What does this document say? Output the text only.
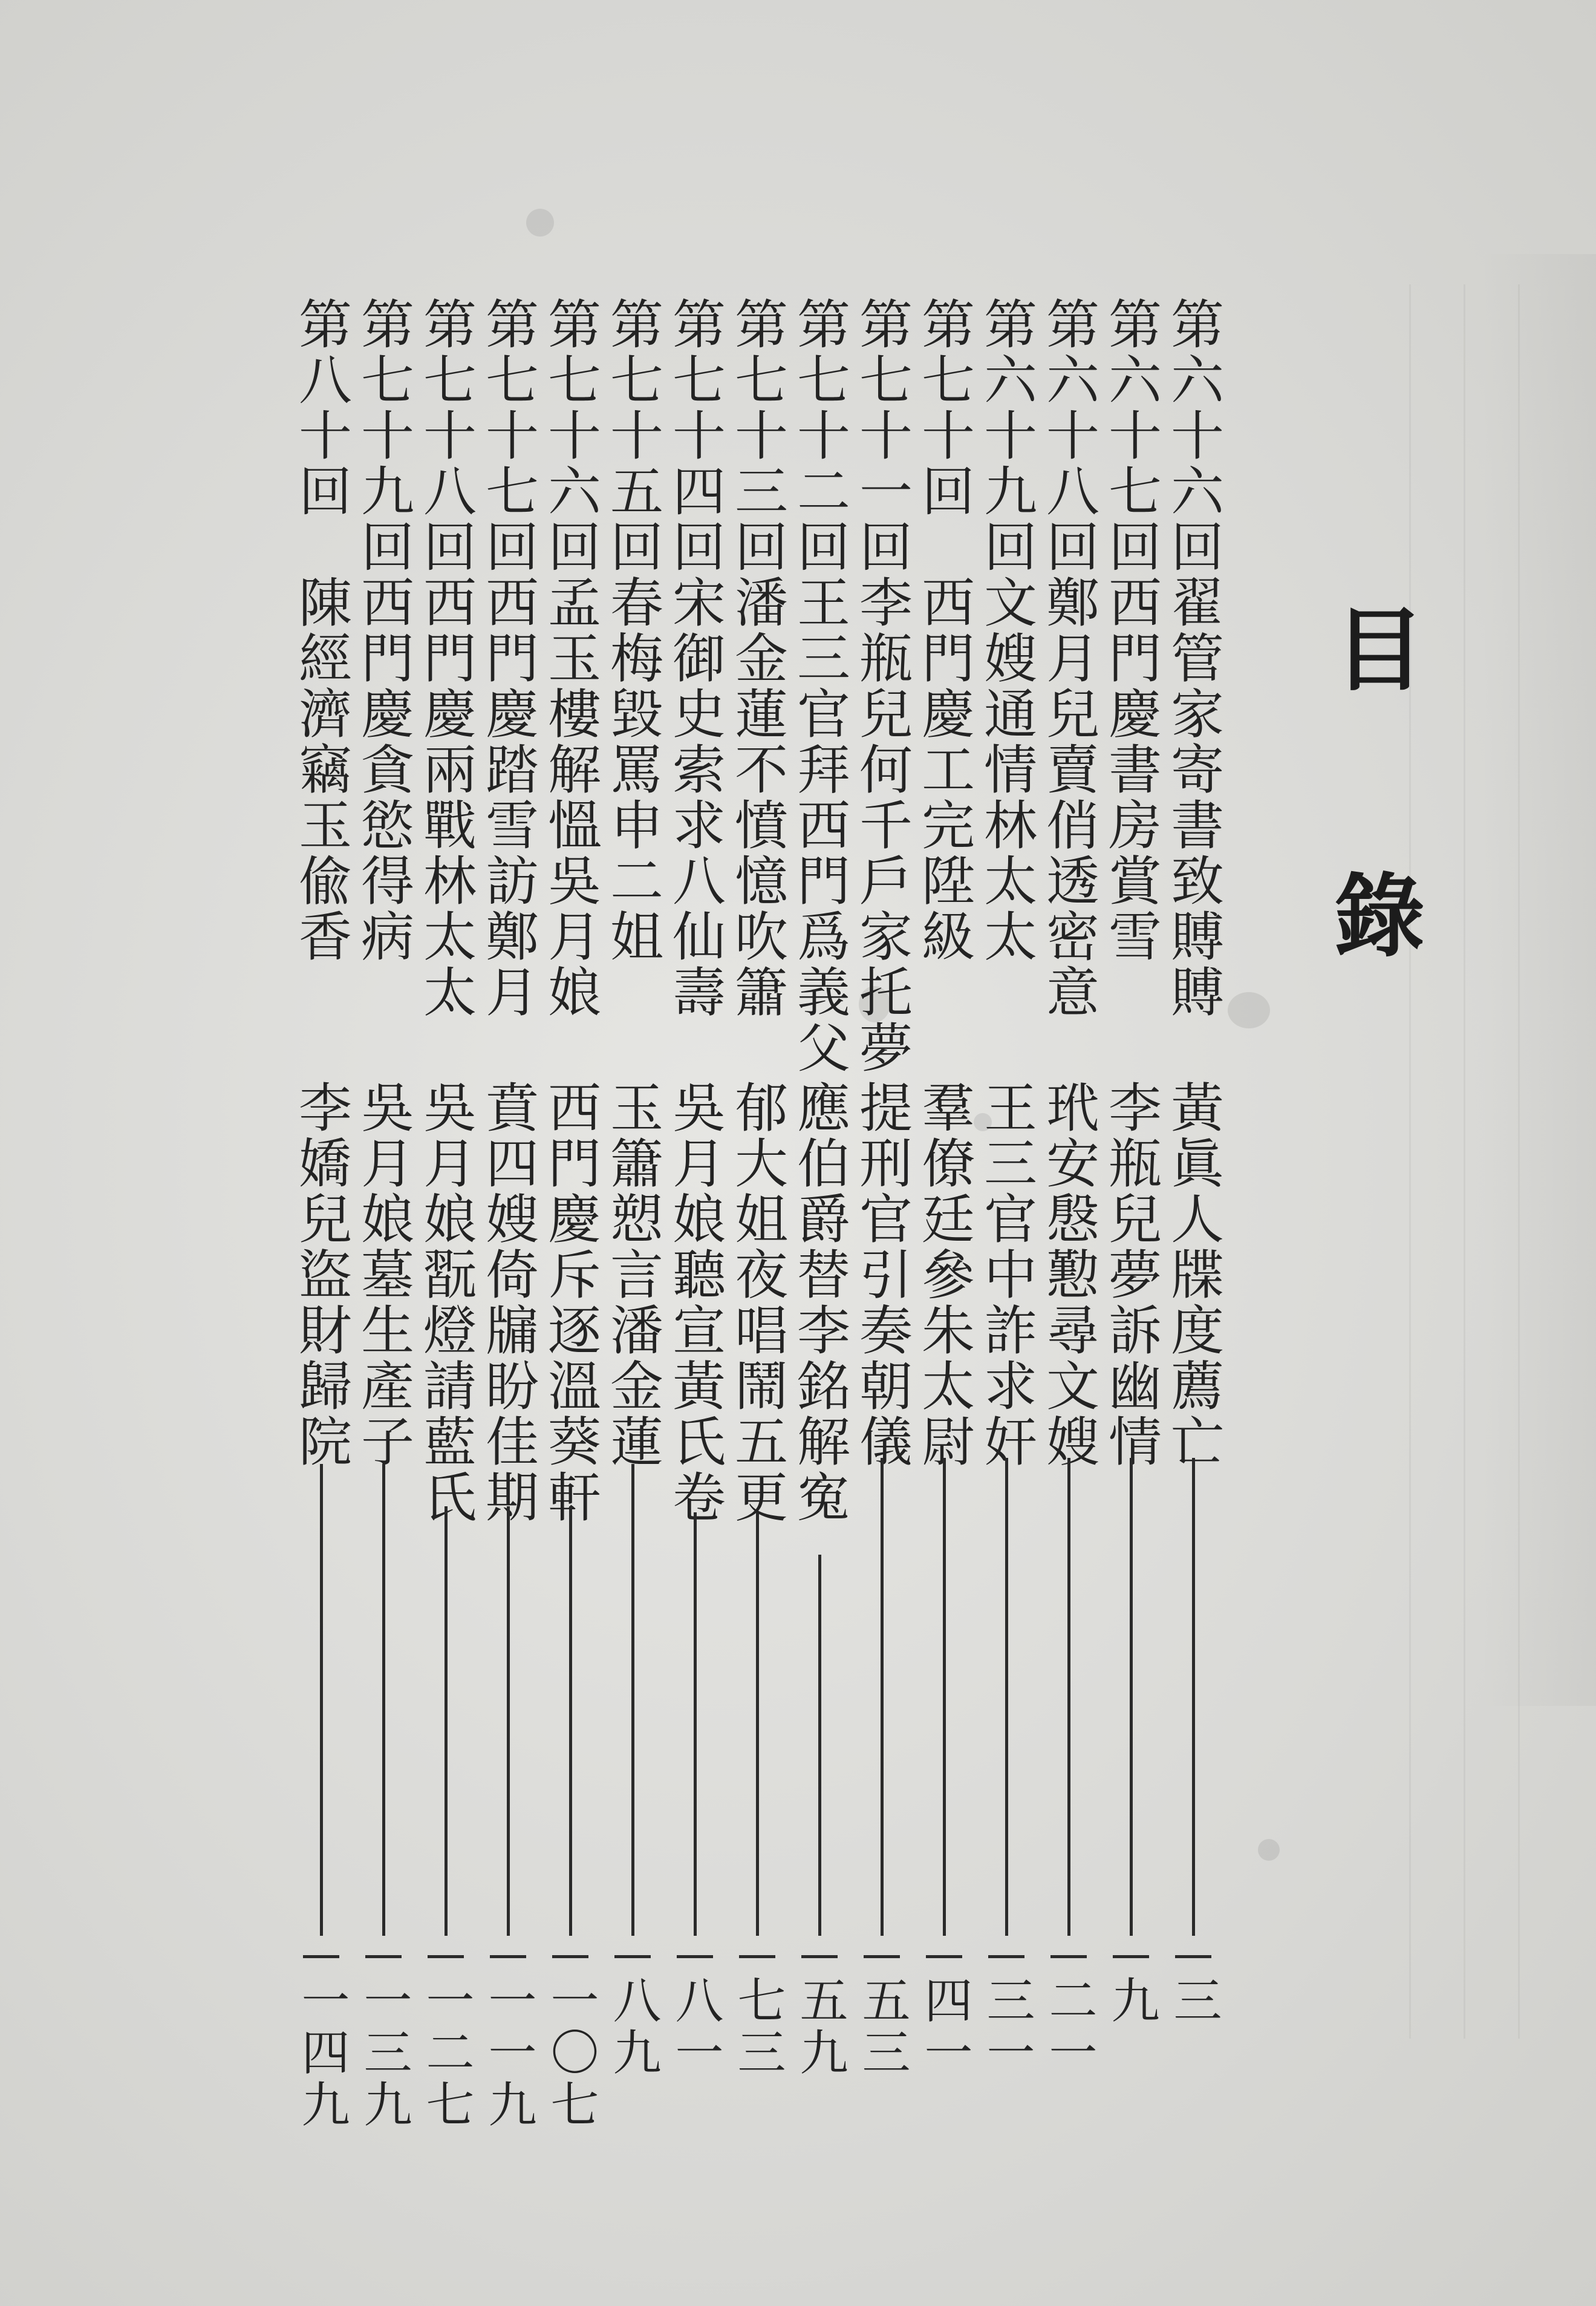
目
錄
第六十六回
翟管家寄書致賻賻
黃眞人牒度薦亡
三
第六十七回
西門慶書房賞雪
李瓶兒夢訴幽情
九
第六十八回
鄭月兒賣俏透密意
玳安慇懃尋文嫂
二一
第六十九回
文嫂通情林太太
王三官中詐求奸
三一
第七十回
西門慶工完陞級
羣僚廷參朱太尉
四一
第七十一回
李瓶兒何千戶家托夢
提刑官引奏朝儀
五三
第七十二回
王三官拜西門爲義父
應伯爵替李銘解寃
五九
第七十三回
潘金蓮不憤憶吹簫
郁大姐夜唱鬧五更
七三
第七十四回
宋御史索求八仙壽
吳月娘聽宣黃氏卷
八一
第七十五回
春梅毀罵申二姐
玉簫愬言潘金蓮
八九
第七十六回
孟玉樓解慍吳月娘
西門慶斥逐溫葵軒
一〇七
第七十七回
西門慶踏雪訪鄭月
賁四嫂倚牖盼佳期
一一九
第七十八回
西門慶兩戰林太太
吳月娘翫燈請藍氏
一二七
第七十九回
西門慶貪慾得病
吳月娘墓生產子
一三九
第八十回
陳經濟竊玉偸香
李嬌兒盜財歸院
一四九
